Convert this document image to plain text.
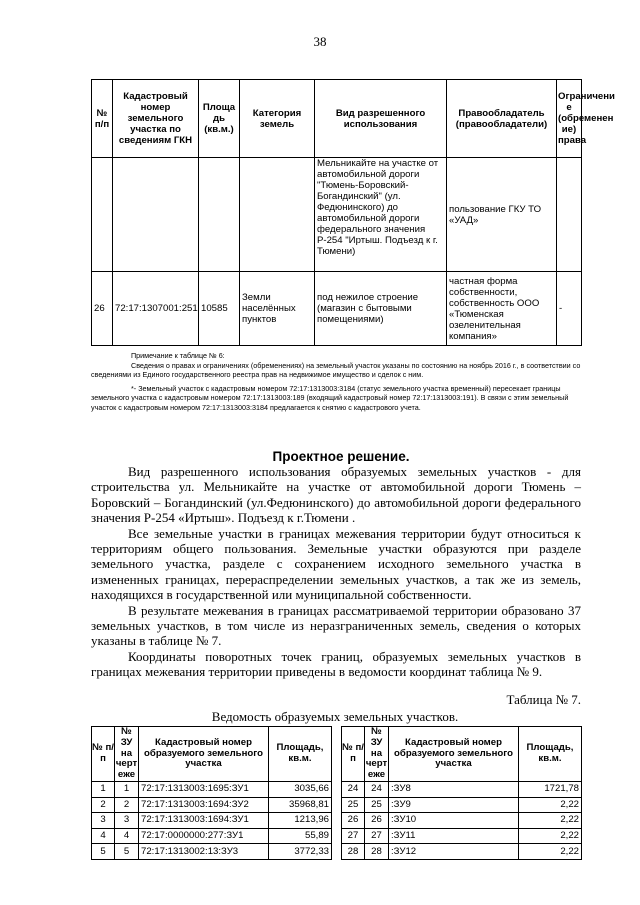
38
№ п/п	Кадастровый номер земельного участка по сведениям ГКН	Площа дь (кв.м.)	Категория земель	Вид разрешенного использования	Правообладатель (правообладатели)	Ограничени е (обременен ие) права
				Мельникайте на участке от автомобильной дороги "Тюмень-Боровский-Богандинский" (ул. Федюнинского) до автомобильной дороги федерального значения Р-254 "Иртыш. Подъезд к г. Тюмени)	пользование ГКУ ТО «УАД»	
26	72:17:1307001:251	10585	Земли населённых пунктов	под нежилое строение (магазин с бытовыми помещениями)	частная форма собственности, собственность ООО «Тюменская озеленительная компания»	-

Примечание к таблице № 6:

Сведения о правах и ограничениях (обременениях) на земельный участок указаны по состоянию на ноябрь 2016 г., в соответствии со сведениями из Единого государственного реестра прав на недвижимое имущество и сделок с ним.

*- Земельный участок с кадастровым номером 72:17:1313003:3184 (статус земельного участка временный) пересекает границы земельного участка с кадастровым номером 72:17:1313003:189 (входящий кадастровый номер 72:17:1313003:191). В связи с этим земельный участок с кадастровым номером 72:17:1313003:3184 предлагается к снятию с кадастрового учета.

Проектное решение.

Вид разрешенного использования образуемых земельных участков - для строительства ул. Мельникайте на участке от автомобильной дороги Тюмень – Боровский – Богандинский (ул.Федюнинского) до автомобильной дороги федерального значения Р-254 «Иртыш». Подъезд к г.Тюмени .

Все земельные участки в границах межевания территории будут относиться к территориям общего пользования. Земельные участки образуются при разделе земельного участка, разделе с сохранением исходного земельного участка в измененных границах, перераспределении земельных участков, а так же из земель, находящихся в государственной или муниципальной собственности.

В результате межевания в границах рассматриваемой территории образовано 37 земельных участков, в том числе из неразграниченных земель, сведения о которых указаны в таблице № 7.

Координаты поворотных точек границ, образуемых земельных участков в границах межевания территории приведены в ведомости координат таблица № 9.

Таблица № 7.
Ведомость образуемых земельных участков.
№ п/п	№ ЗУ на черт еже	Кадастровый номер образуемого земельного участка	Площадь, кв.м.
1	1	72:17:1313003:1695:ЗУ1	3035,66
2	2	72:17:1313003:1694:ЗУ2	35968,81
3	3	72:17:1313003:1694:ЗУ1	1213,96
4	4	72:17:0000000:277:ЗУ1	55,89
5	5	72:17:1313002:13:ЗУ3	3772,33
№ п/п	№ ЗУ на черт еже	Кадастровый номер образуемого земельного участка	Площадь, кв.м.
24	24	:ЗУ8	1721,78
25	25	:ЗУ9	2,22
26	26	:ЗУ10	2,22
27	27	:ЗУ11	2,22
28	28	:ЗУ12	2,22
